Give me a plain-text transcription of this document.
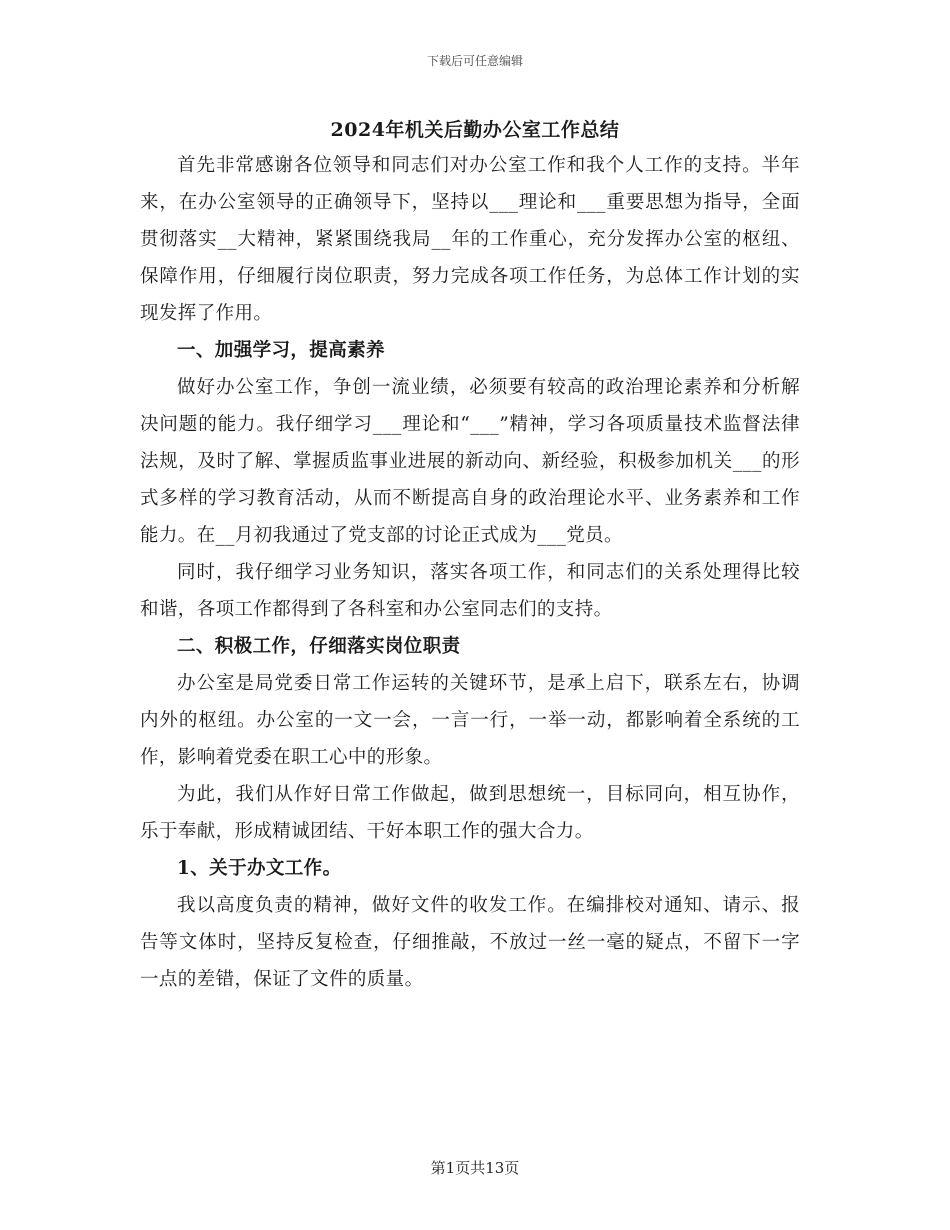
下载后可任意编辑
2024年机关后勤办公室工作总结

首先非常感谢各位领导和同志们对办公室工作和我个人工作的支持。半年来，在办公室领导的正确领导下，坚持以___理论和___重要思想为指导，全面贯彻落实__大精神，紧紧围绕我局__年的工作重心，充分发挥办公室的枢纽、保障作用，仔细履行岗位职责，努力完成各项工作任务，为总体工作计划的实现发挥了作用。

一、加强学习，提高素养

做好办公室工作，争创一流业绩，必须要有较高的政治理论素养和分析解决问题的能力。我仔细学习___理论和“___”精神，学习各项质量技术监督法律法规，及时了解、掌握质监事业进展的新动向、新经验，积极参加机关___的形式多样的学习教育活动，从而不断提高自身的政治理论水平、业务素养和工作能力。在__月初我通过了党支部的讨论正式成为___党员。

同时，我仔细学习业务知识，落实各项工作，和同志们的关系处理得比较和谐，各项工作都得到了各科室和办公室同志们的支持。

二、积极工作，仔细落实岗位职责

办公室是局党委日常工作运转的关键环节，是承上启下，联系左右，协调内外的枢纽。办公室的一文一会，一言一行，一举一动，都影响着全系统的工作，影响着党委在职工心中的形象。

为此，我们从作好日常工作做起，做到思想统一，目标同向，相互协作，乐于奉献，形成精诚团结、干好本职工作的强大合力。

1、关于办文工作。

我以高度负责的精神，做好文件的收发工作。在编排校对通知、请示、报告等文体时，坚持反复检查，仔细推敲，不放过一丝一毫的疑点，不留下一字一点的差错，保证了文件的质量。

第1页共13页
